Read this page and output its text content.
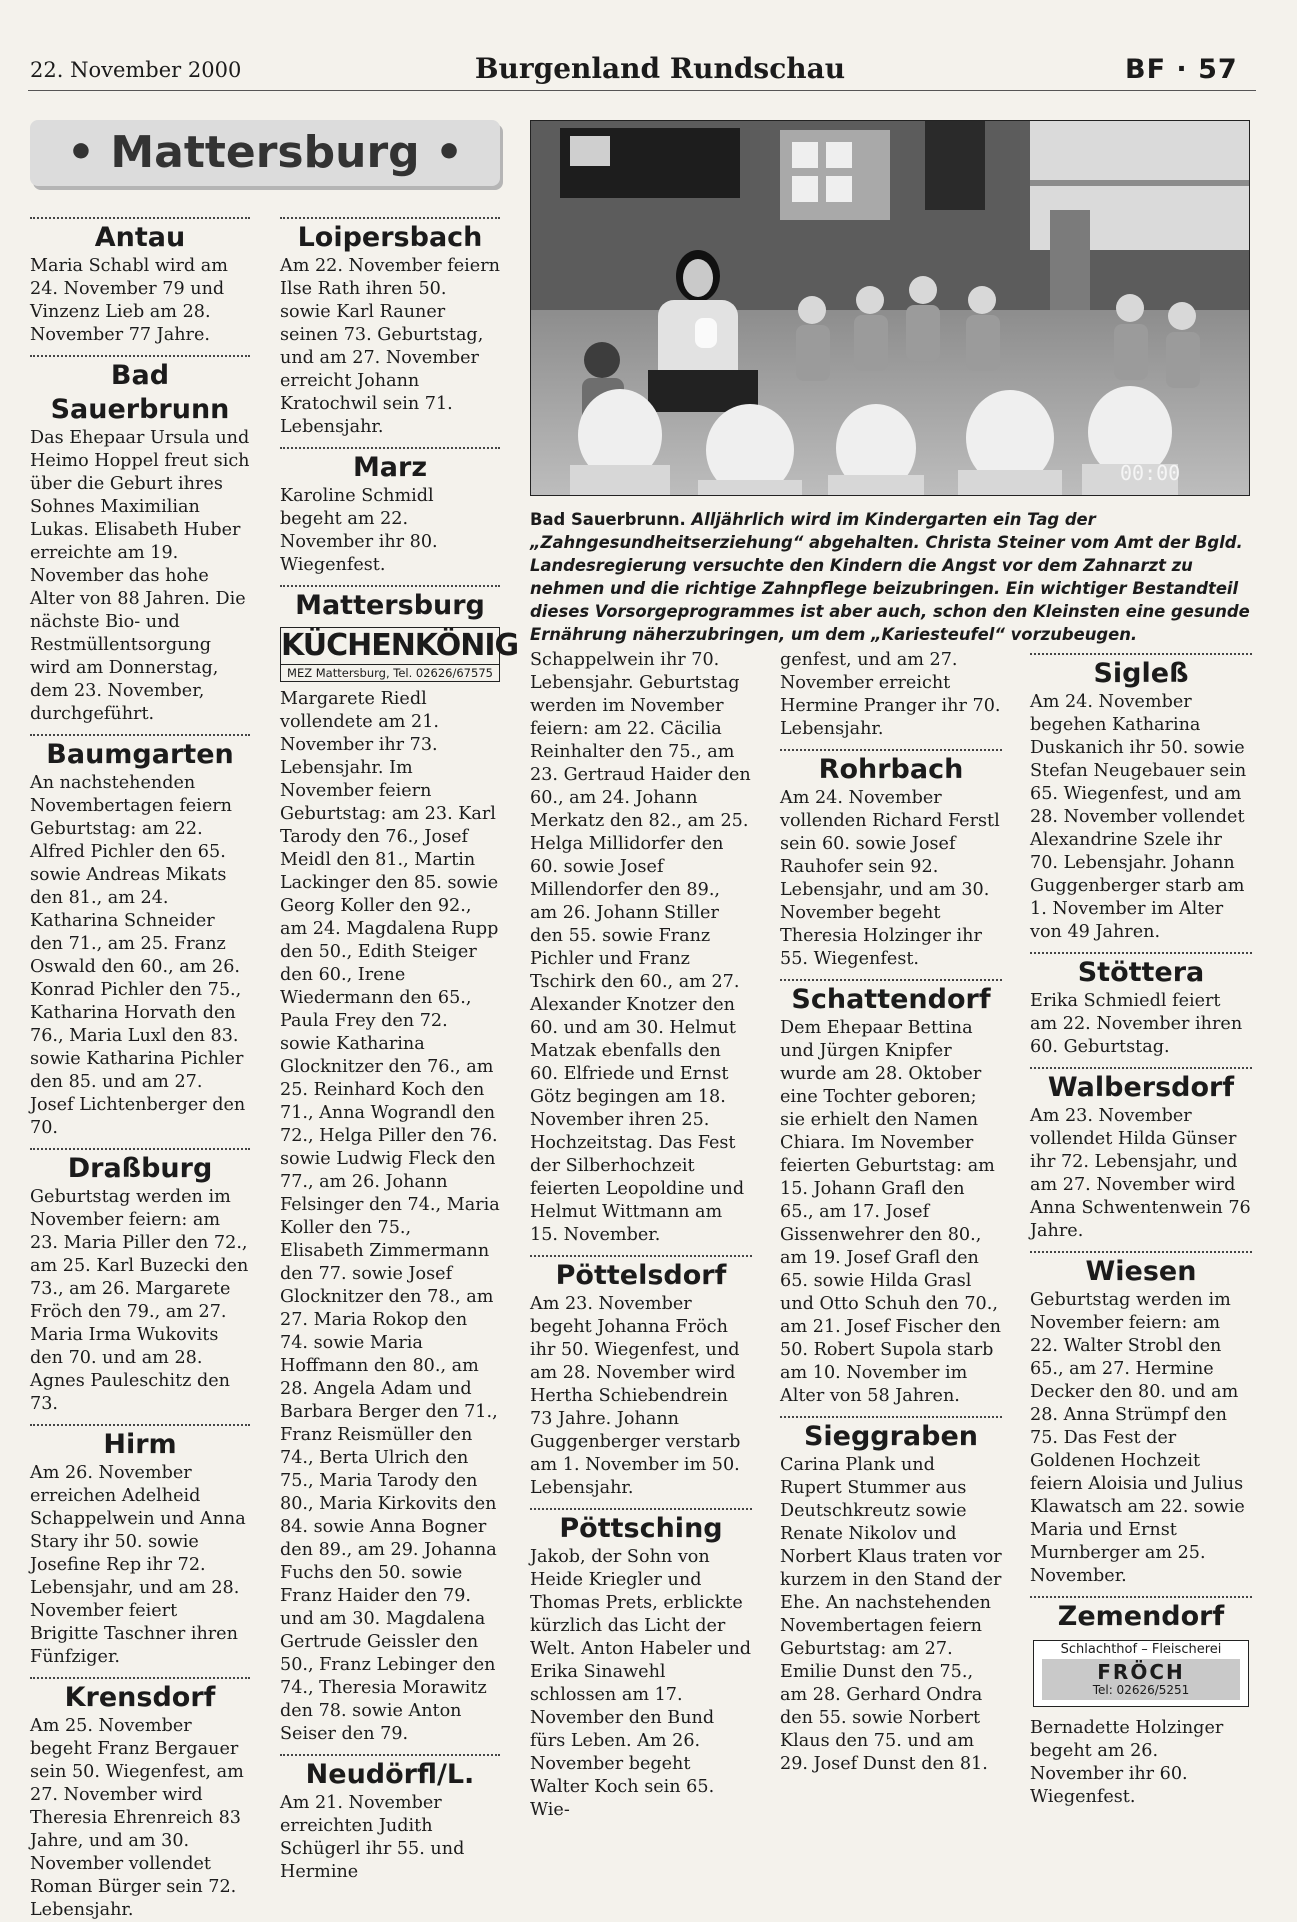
22. November 2000	Burgenland Rundschau	BF · 57
• Mattersburg •
00:00
Bad Sauerbrunn. Alljährlich wird im Kindergarten ein Tag der „Zahngesundheitserziehung“ abgehalten. Christa Steiner vom Amt der Bgld. Landesregierung versuchte den Kindern die Angst vor dem Zahnarzt zu nehmen und die richtige Zahnpflege beizubringen. Ein wichtiger Bestandteil dieses Vorsorgeprogrammes ist aber auch, schon den Kleinsten eine gesunde Ernährung näherzubringen, um dem „Kariesteufel“ vorzubeugen.
Antau

Maria Schabl wird am 24. November 79 und Vinzenz Lieb am 28. November 77 Jahre.

Bad Sauerbrunn

Das Ehepaar Ursula und Heimo Hoppel freut sich über die Geburt ihres Sohnes Maximilian Lukas. Elisabeth Huber erreichte am 19. November das hohe Alter von 88 Jahren. Die nächste Bio- und Restmüllentsorgung wird am Donnerstag, dem 23. November, durchgeführt.

Baumgarten

An nachstehenden Novembertagen feiern Geburtstag: am 22. Alfred Pichler den 65. sowie Andreas Mikats den 81., am 24. Katharina Schneider den 71., am 25. Franz Oswald den 60., am 26. Konrad Pichler den 75., Katharina Horvath den 76., Maria Luxl den 83. sowie Katharina Pichler den 85. und am 27. Josef Lichtenberger den 70.

Draßburg

Geburtstag werden im November feiern: am 23. Maria Piller den 72., am 25. Karl Buzecki den 73., am 26. Margarete Fröch den 79., am 27. Maria Irma Wukovits den 70. und am 28. Agnes Pauleschitz den 73.

Hirm

Am 26. November erreichen Adelheid Schappelwein und Anna Stary ihr 50. sowie Josefine Rep ihr 72. Lebensjahr, und am 28. November feiert Brigitte Taschner ihren Fünfziger.

Krensdorf

Am 25. November begeht Franz Bergauer sein 50. Wiegenfest, am 27. November wird Theresia Ehrenreich 83 Jahre, und am 30. November vollendet Roman Bürger sein 72. Lebensjahr.

Loipersbach

Am 22. November feiern Ilse Rath ihren 50. sowie Karl Rauner seinen 73. Geburtstag, und am 27. November erreicht Johann Kratochwil sein 71. Lebensjahr.

Marz

Karoline Schmidl begeht am 22. November ihr 80. Wiegenfest.

Mattersburg
KÜCHENKÖNIG
MEZ Mattersburg, Tel. 02626/67575

Margarete Riedl vollendete am 21. November ihr 73. Lebensjahr. Im November feiern Geburtstag: am 23. Karl Tarody den 76., Josef Meidl den 81., Martin Lackinger den 85. sowie Georg Koller den 92., am 24. Magdalena Rupp den 50., Edith Steiger den 60., Irene Wiedermann den 65., Paula Frey den 72. sowie Katharina Glocknitzer den 76., am 25. Reinhard Koch den 71., Anna Wograndl den 72., Helga Piller den 76. sowie Ludwig Fleck den 77., am 26. Johann Felsinger den 74., Maria Koller den 75., Elisabeth Zimmermann den 77. sowie Josef Glocknitzer den 78., am 27. Maria Rokop den 74. sowie Maria Hoffmann den 80., am 28. Angela Adam und Barbara Berger den 71., Franz Reismüller den 74., Berta Ulrich den 75., Maria Tarody den 80., Maria Kirkovits den 84. sowie Anna Bogner den 89., am 29. Johanna Fuchs den 50. sowie Franz Haider den 79. und am 30. Magdalena Gertrude Geissler den 50., Franz Lebinger den 74., Theresia Morawitz den 78. sowie Anton Seiser den 79.

Neudörfl/L.

Am 21. November erreichten Judith Schügerl ihr 55. und Hermine

Schappelwein ihr 70. Lebensjahr. Geburtstag werden im November feiern: am 22. Cäcilia Reinhalter den 75., am 23. Gertraud Haider den 60., am 24. Johann Merkatz den 82., am 25. Helga Millidorfer den 60. sowie Josef Millendorfer den 89., am 26. Johann Stiller den 55. sowie Franz Pichler und Franz Tschirk den 60., am 27. Alexander Knotzer den 60. und am 30. Helmut Matzak ebenfalls den 60. Elfriede und Ernst Götz begingen am 18. November ihren 25. Hochzeitstag. Das Fest der Silberhochzeit feierten Leopoldine und Helmut Wittmann am 15. November.

Pöttelsdorf

Am 23. November begeht Johanna Fröch ihr 50. Wiegenfest, und am 28. November wird Hertha Schiebendrein 73 Jahre. Johann Guggenberger verstarb am 1. November im 50. Lebensjahr.

Pöttsching

Jakob, der Sohn von Heide Kriegler und Thomas Prets, erblickte kürzlich das Licht der Welt. Anton Habeler und Erika Sinawehl schlossen am 17. November den Bund fürs Leben. Am 26. November begeht Walter Koch sein 65. Wie-

genfest, und am 27. November erreicht Hermine Pranger ihr 70. Lebensjahr.

Rohrbach

Am 24. November vollenden Richard Ferstl sein 60. sowie Josef Rauhofer sein 92. Lebensjahr, und am 30. November begeht Theresia Holzinger ihr 55. Wiegenfest.

Schattendorf

Dem Ehepaar Bettina und Jürgen Knipfer wurde am 28. Oktober eine Tochter geboren; sie erhielt den Namen Chiara. Im November feierten Geburtstag: am 15. Johann Grafl den 65., am 17. Josef Gissenwehrer den 80., am 19. Josef Grafl den 65. sowie Hilda Grasl und Otto Schuh den 70., am 21. Josef Fischer den 50. Robert Supola starb am 10. November im Alter von 58 Jahren.

Sieggraben

Carina Plank und Rupert Stummer aus Deutschkreutz sowie Renate Nikolov und Norbert Klaus traten vor kurzem in den Stand der Ehe. An nachstehenden Novembertagen feiern Geburtstag: am 27. Emilie Dunst den 75., am 28. Gerhard Ondra den 55. sowie Norbert Klaus den 75. und am 29. Josef Dunst den 81.

Sigleß

Am 24. November begehen Katharina Duskanich ihr 50. sowie Stefan Neugebauer sein 65. Wiegenfest, und am 28. November vollendet Alexandrine Szele ihr 70. Lebensjahr. Johann Guggenberger starb am 1. November im Alter von 49 Jahren.

Stöttera

Erika Schmiedl feiert am 22. November ihren 60. Geburtstag.

Walbersdorf

Am 23. November vollendet Hilda Günser ihr 72. Lebensjahr, und am 27. November wird Anna Schwentenwein 76 Jahre.

Wiesen

Geburtstag werden im November feiern: am 22. Walter Strobl den 65., am 27. Hermine Decker den 80. und am 28. Anna Strümpf den 75. Das Fest der Goldenen Hochzeit feiern Aloisia und Julius Klawatsch am 22. sowie Maria und Ernst Murnberger am 25. November.

Zemendorf
Schlachthof – Fleischerei
FRÖCH
Tel: 02626/5251

Bernadette Holzinger begeht am 26. November ihr 60. Wiegenfest.
